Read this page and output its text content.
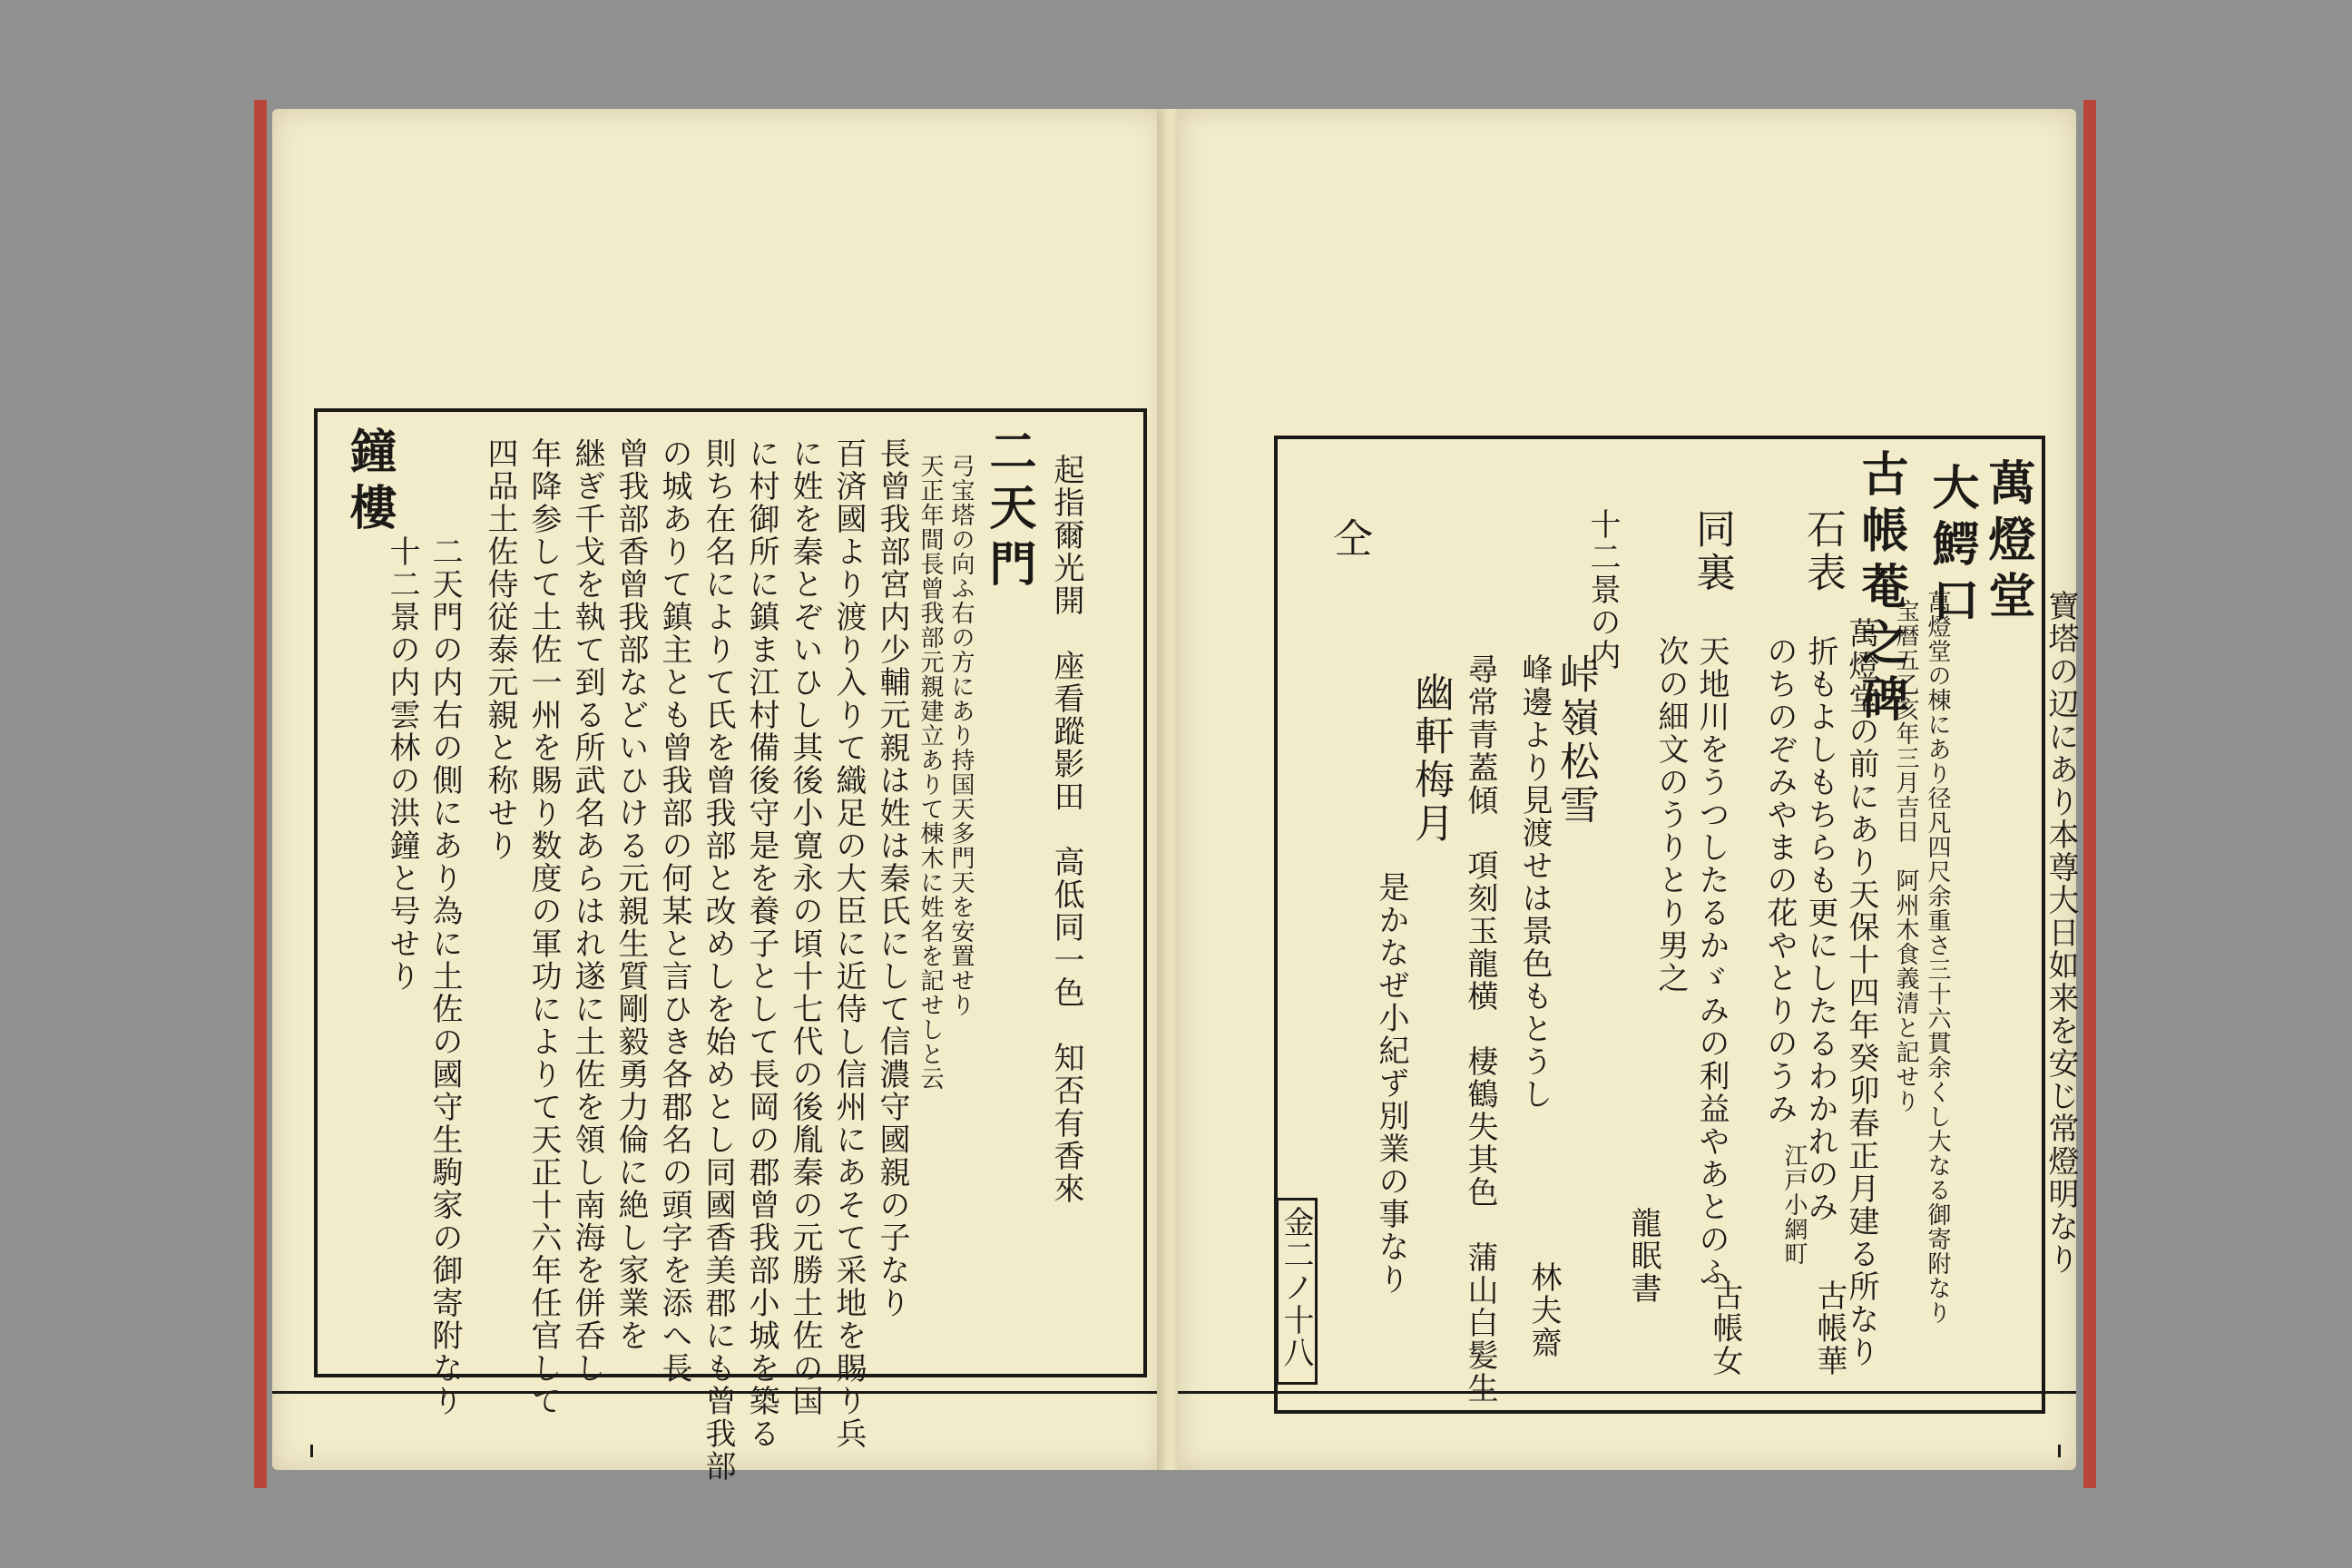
起指爾光開　座看蹤影田　高低同一色　知否有香來
二天門
弓宝塔の向ふ右の方にあり持国天多門天を安置せり
天正年間長曾我部元親建立ありて棟木に姓名を記せしと云
長曾我部宮内少輔元親は姓は秦氏にして信濃守國親の子なり
百済國より渡り入りて織足の大臣に近侍し信州にあそて采地を賜り兵
に姓を秦とぞいひし其後小寛永の頃十七代の後胤秦の元勝土佐の国
に村御所に鎮ま江村備後守是を養子として長岡の郡曾我部小城を築る
則ち在名によりて氏を曾我部と改めしを始めとし同國香美郡にも曾我部
の城ありて鎮主とも曾我部の何某と言ひき各郡名の頭字を添へ長
曾我部香曾我部などいひける元親生質剛毅勇力倫に絶し家業を
継ぎ千戈を執て到る所武名あらはれ遂に土佐を領し南海を併呑し
年降参して土佐一州を賜り数度の軍功によりて天正十六年任官して
四品土佐侍従泰元親と称せり
二天門の内右の側にあり為に土佐の國守生駒家の御寄附なり
十二景の内雲林の洪鐘と号せり
鐘樓	萬燈堂
寶塔の辺にあり本尊大日如来を安じ常燈明なり
大鰐口
萬燈堂の棟にあり径凡四尺余重さ三十六貫余くし大なる御寄附なり
宝暦五乙亥年三月吉日　阿州木食義清と記せり
古帳菴之碑
萬燈堂の前にあり天保十四年癸卯春正月建る所なり
石表
折もよしもちらも更にしたるわかれのみ
のちのぞみやまの花やとりのうみ
江戸小網町
古帳華
同裏
天地川をうつしたるかゞみの利益やあとのふ
次の細文のうりとり男之
古帳女
龍眠書
十二景の内
峠嶺松雪
峰邊より見渡せは景色もとうし
林夫齋
尋常青蓋傾　項刻玉龍横　棲鶴失其色　蒲山白髪生
幽軒梅月
是かなぜ小紀ず別業の事なり
仝
金二ノ十八
